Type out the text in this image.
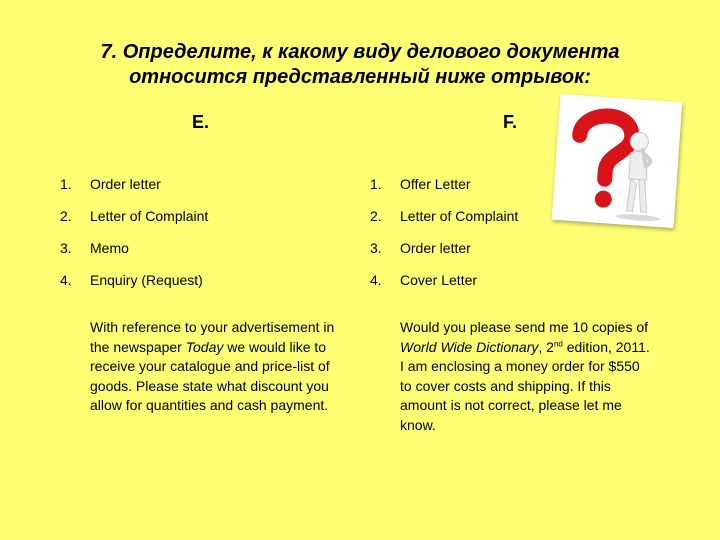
7. Определите, к какому виду делового документа
относится представленный ниже отрывок:
E.	F.
1.	Order letter
2.	Letter of Complaint
3.	Memo
4.	Enquiry (Request)
1.	Offer Letter
2.	Letter of Complaint
3.	Order letter
4.	Cover Letter
With reference to your advertisement in the newspaper Today we would like to receive your catalogue and price-list of goods. Please state what discount you allow for quantities and cash payment.
Would you please send me 10 copies of World Wide Dictionary, 2nd edition, 2011. I am enclosing a money order for $550 to cover costs and shipping. If this amount is not correct, please let me know.
